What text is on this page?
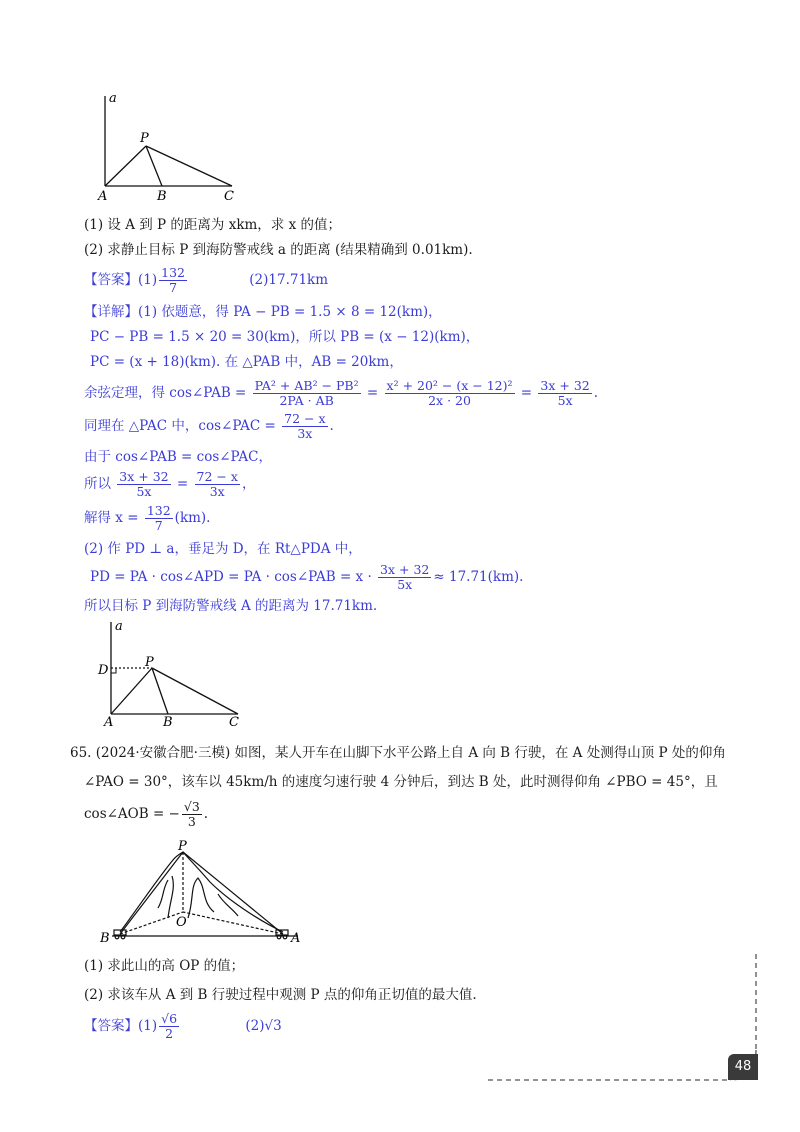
a
P
A	B	C
(1) 设 A 到 P 的距离为 xkm，求 x 的值；
(2) 求静止目标 P 到海防警戒线 a 的距离 (结果精确到 0.01km).
【答案】$(1) \frac{132}{7}$	(2)17.71km
【详解】(1) 依题意，得 PA − PB = 1.5 × 8 = 12(km)，
PC − PB = 1.5 × 20 = 30(km)，所以 PB = (x − 12)(km)，
PC = (x + 18)(km). 在 △PAB 中，AB = 20km，
余弦定理，得 cos∠PAB = $\frac{\text{PA² + AB² − PB²}}{2PA \cdot AB} = \frac{\text{x² + 20² − (x − 12)²}}{2x \cdot 20} = \frac{3x + 32}{5x}$ .
同理在 △PAC 中，cos∠PAC = $\frac{72 - x}{3x}$ .
由于 cos∠PAB = cos∠PAC，
所以 $\frac{3x + 32}{5x} = \frac{72 - x}{3x}$ ，
解得 $x = \frac{132}{7} (km)$.
(2) 作 PD ⊥ a，垂足为 D，在 Rt△PDA 中，
PD = PA · cos∠APD = PA · cos∠PAB = $x \cdot \frac{3x + 32}{5x} \approx 17.71(km)$.
所以目标 P 到海防警戒线 A 的距离为 17.71km.
a
D
P
A	B	C
65. (2024·安徽合肥·三模) 如图，某人开车在山脚下水平公路上自 A 向 B 行驶，在 A 处测得山顶 P 处的仰角
∠PAO = 30°，该车以 45km/h 的速度匀速行驶 4 分钟后，到达 B 处，此时测得仰角 ∠PBO = 45°，且
cos∠AOB = − $\frac{√3}{3}$ .
P
O
B	A
(1) 求此山的高 OP 的值；
(2) 求该车从 A 到 B 行驶过程中观测 P 点的仰角正切值的最大值.
【答案】$(1) \frac{√6}{2}$	(2)√3
48
